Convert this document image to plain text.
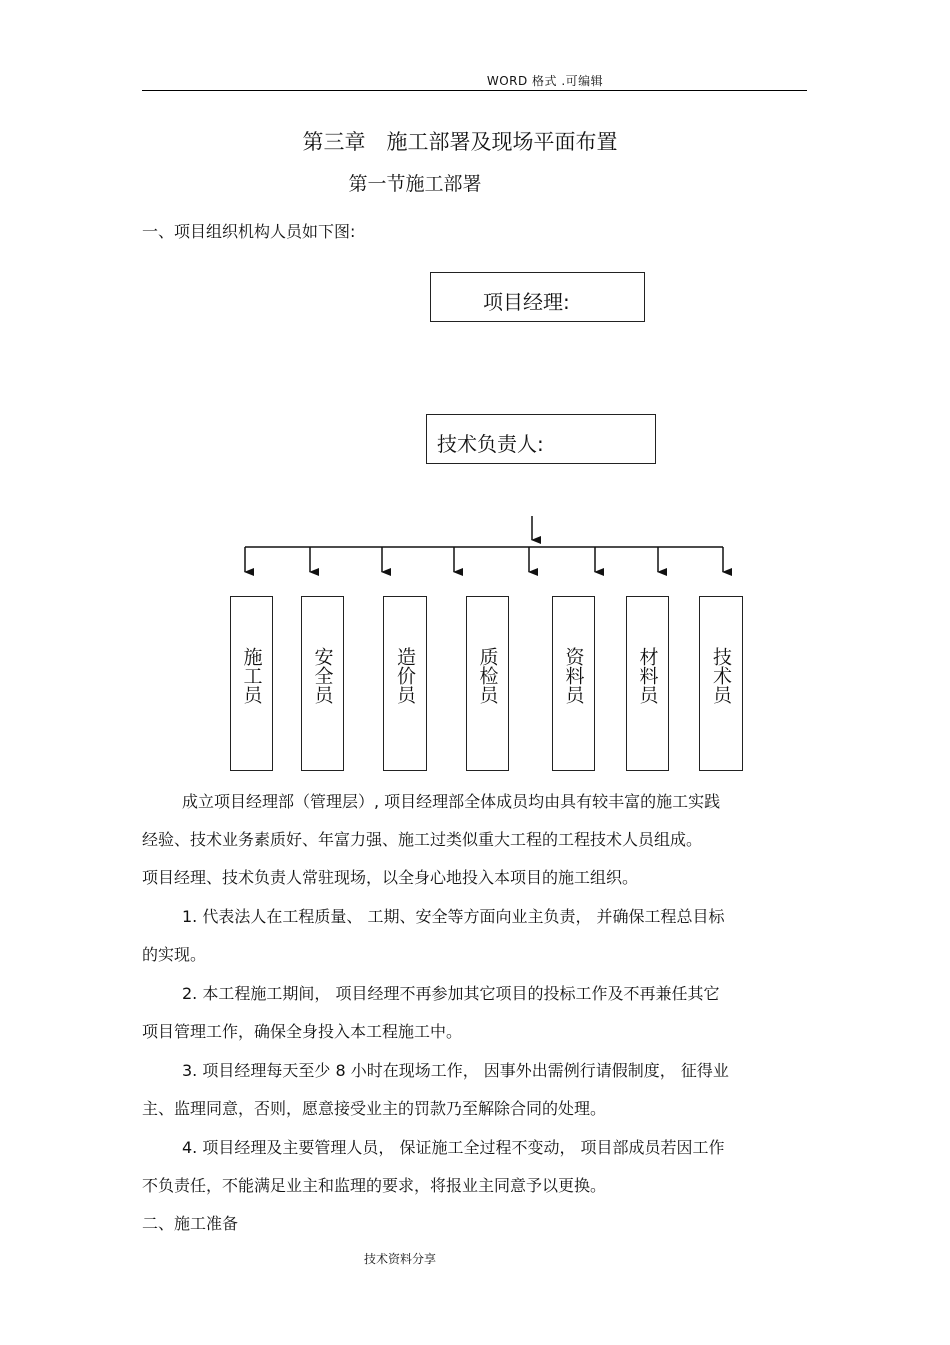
WORD 格式 .可编辑
第三章　施工部署及现场平面布置
第一节施工部署
一、项目组织机构人员如下图:
项目经理:
技术负责人:
施工员	安全员	造价员	质检员	资料员	材料员	技术员
成立项目经理部（管理层）, 项目经理部全体成员均由具有较丰富的施工实践
经验、技术业务素质好、年富力强、施工过类似重大工程的工程技术人员组成。
项目经理、技术负责人常驻现场，以全身心地投入本项目的施工组织。
1. 代表法人在工程质量、 工期、安全等方面向业主负责， 并确保工程总目标
的实现。
2. 本工程施工期间， 项目经理不再参加其它项目的投标工作及不再兼任其它
项目管理工作，确保全身投入本工程施工中。
3. 项目经理每天至少 8 小时在现场工作， 因事外出需例行请假制度， 征得业
主、监理同意，否则，愿意接受业主的罚款乃至解除合同的处理。
4. 项目经理及主要管理人员， 保证施工全过程不变动， 项目部成员若因工作
不负责任，不能满足业主和监理的要求，将报业主同意予以更换。
二、施工准备
技术资料分享
